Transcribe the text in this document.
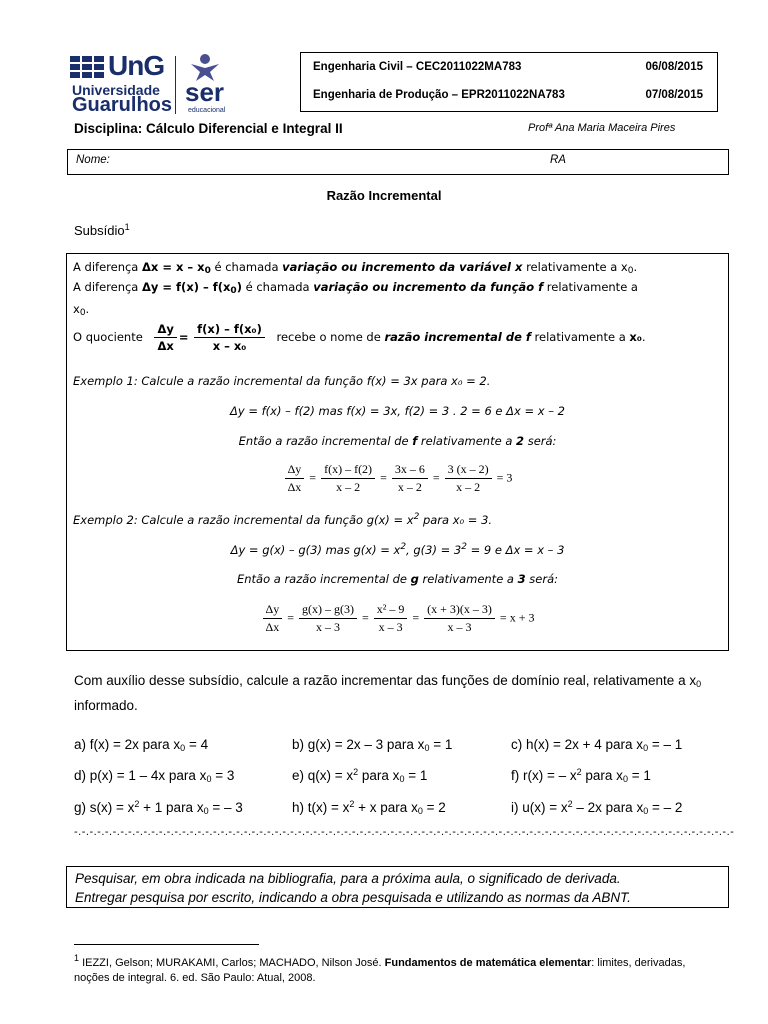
UnG
Universidade
Guarulhos ser
educacional
Engenharia Civil – CEC2011022MA783	06/08/2015
Engenharia de Produção – EPR2011022NA783	07/08/2015
Disciplina: Cálculo Diferencial e Integral II	Profª Ana Maria Maceira Pires
Nome:	RA
Razão Incremental
Subsídio$^1$
A diferença $\Delta x = x - x_0$ é chamada variação ou incremento da variável x relativamente a $x_0$.
A diferença $\Delta y = f(x) - f(x_0)$ é chamada variação ou incremento da função f relativamente a
$x_0$.
O quociente $\frac{\Delta y}{\Delta x} = \frac{\text{f(x) – f(x₀)}}{\text{x – x₀}}$ recebe o nome de razão incremental de f relativamente a x₀.
Exemplo 1: Calcule a razão incremental da função f(x) = 3x para x₀ = 2.
Δy = f(x) – f(2) mas f(x) = 3x, f(2) = 3 . 2 = 6 e Δx = x – 2
Então a razão incremental de f relativamente a 2 será:
$\frac{\Delta y}{\Delta x} = \frac{f(x) - f(2)}{x - 2} = \frac{3x - 6}{x - 2} = \frac{3 (x - 2)}{x - 2} = 3$
Exemplo 2: Calcule a razão incremental da função $g(x) = x^2$ para x₀ = 3.
Δy = g(x) – g(3) mas $g(x) = x^2$, $g(3) = 3^2 = 9$ e Δx = x – 3
Então a razão incremental de g relativamente a 3 será:
$\frac{\Delta y}{\Delta x} = \frac{g(x) - g(3)}{x - 3} = \frac{\text{x² – 9}}{x - 3} = \frac{(x + 3)(x - 3)}{x - 3} = x + 3$
Com auxílio desse subsídio, calcule a razão incrementar das funções de domínio real, relativamente a $x_0$ informado.
a) f(x) = 2x para $x_0 = 4$	b) g(x) = 2x – 3 para $x_0 = 1$	c) h(x) = 2x + 4 para $x_0$ = – 1
d) p(x) = 1 – 4x para $x_0 = 3$	e) $q(x) = x^2$ para $x_0 = 1$	f) r(x) = – $x^2$ para $x_0 = 1$
g) $s(x) = x^2 + 1$ para $x_0$ = – 3	h) $t(x) = x^2 + x$ para $x_0 = 2$	i) $u(x) = x^2 - 2x$ para $x_0$ = – 2
-.-.-.-.-.-.-.-.-.-.-.-.-.-.-.-.-.-.-.-.-.-.-.-.-.-.-.-.-.-.-.-.-.-.-.-.-.-.-.-.-.-.-.-.-.-.-.-.-.-.-.-.-.-.-.-.-.-.-.-.-.-.-.-.-.-.-.-.-.-.-.-.-.-.-.-.-.-.-.-.-.-.-.-.-.-
Pesquisar, em obra indicada na bibliografia, para a próxima aula, o significado de derivada.
Entregar pesquisa por escrito, indicando a obra pesquisada e utilizando as normas da ABNT.
$^1$ IEZZI, Gelson; MURAKAMI, Carlos; MACHADO, Nilson José. Fundamentos de matemática elementar: limites, derivadas, noções de integral. 6. ed. São Paulo: Atual, 2008.
